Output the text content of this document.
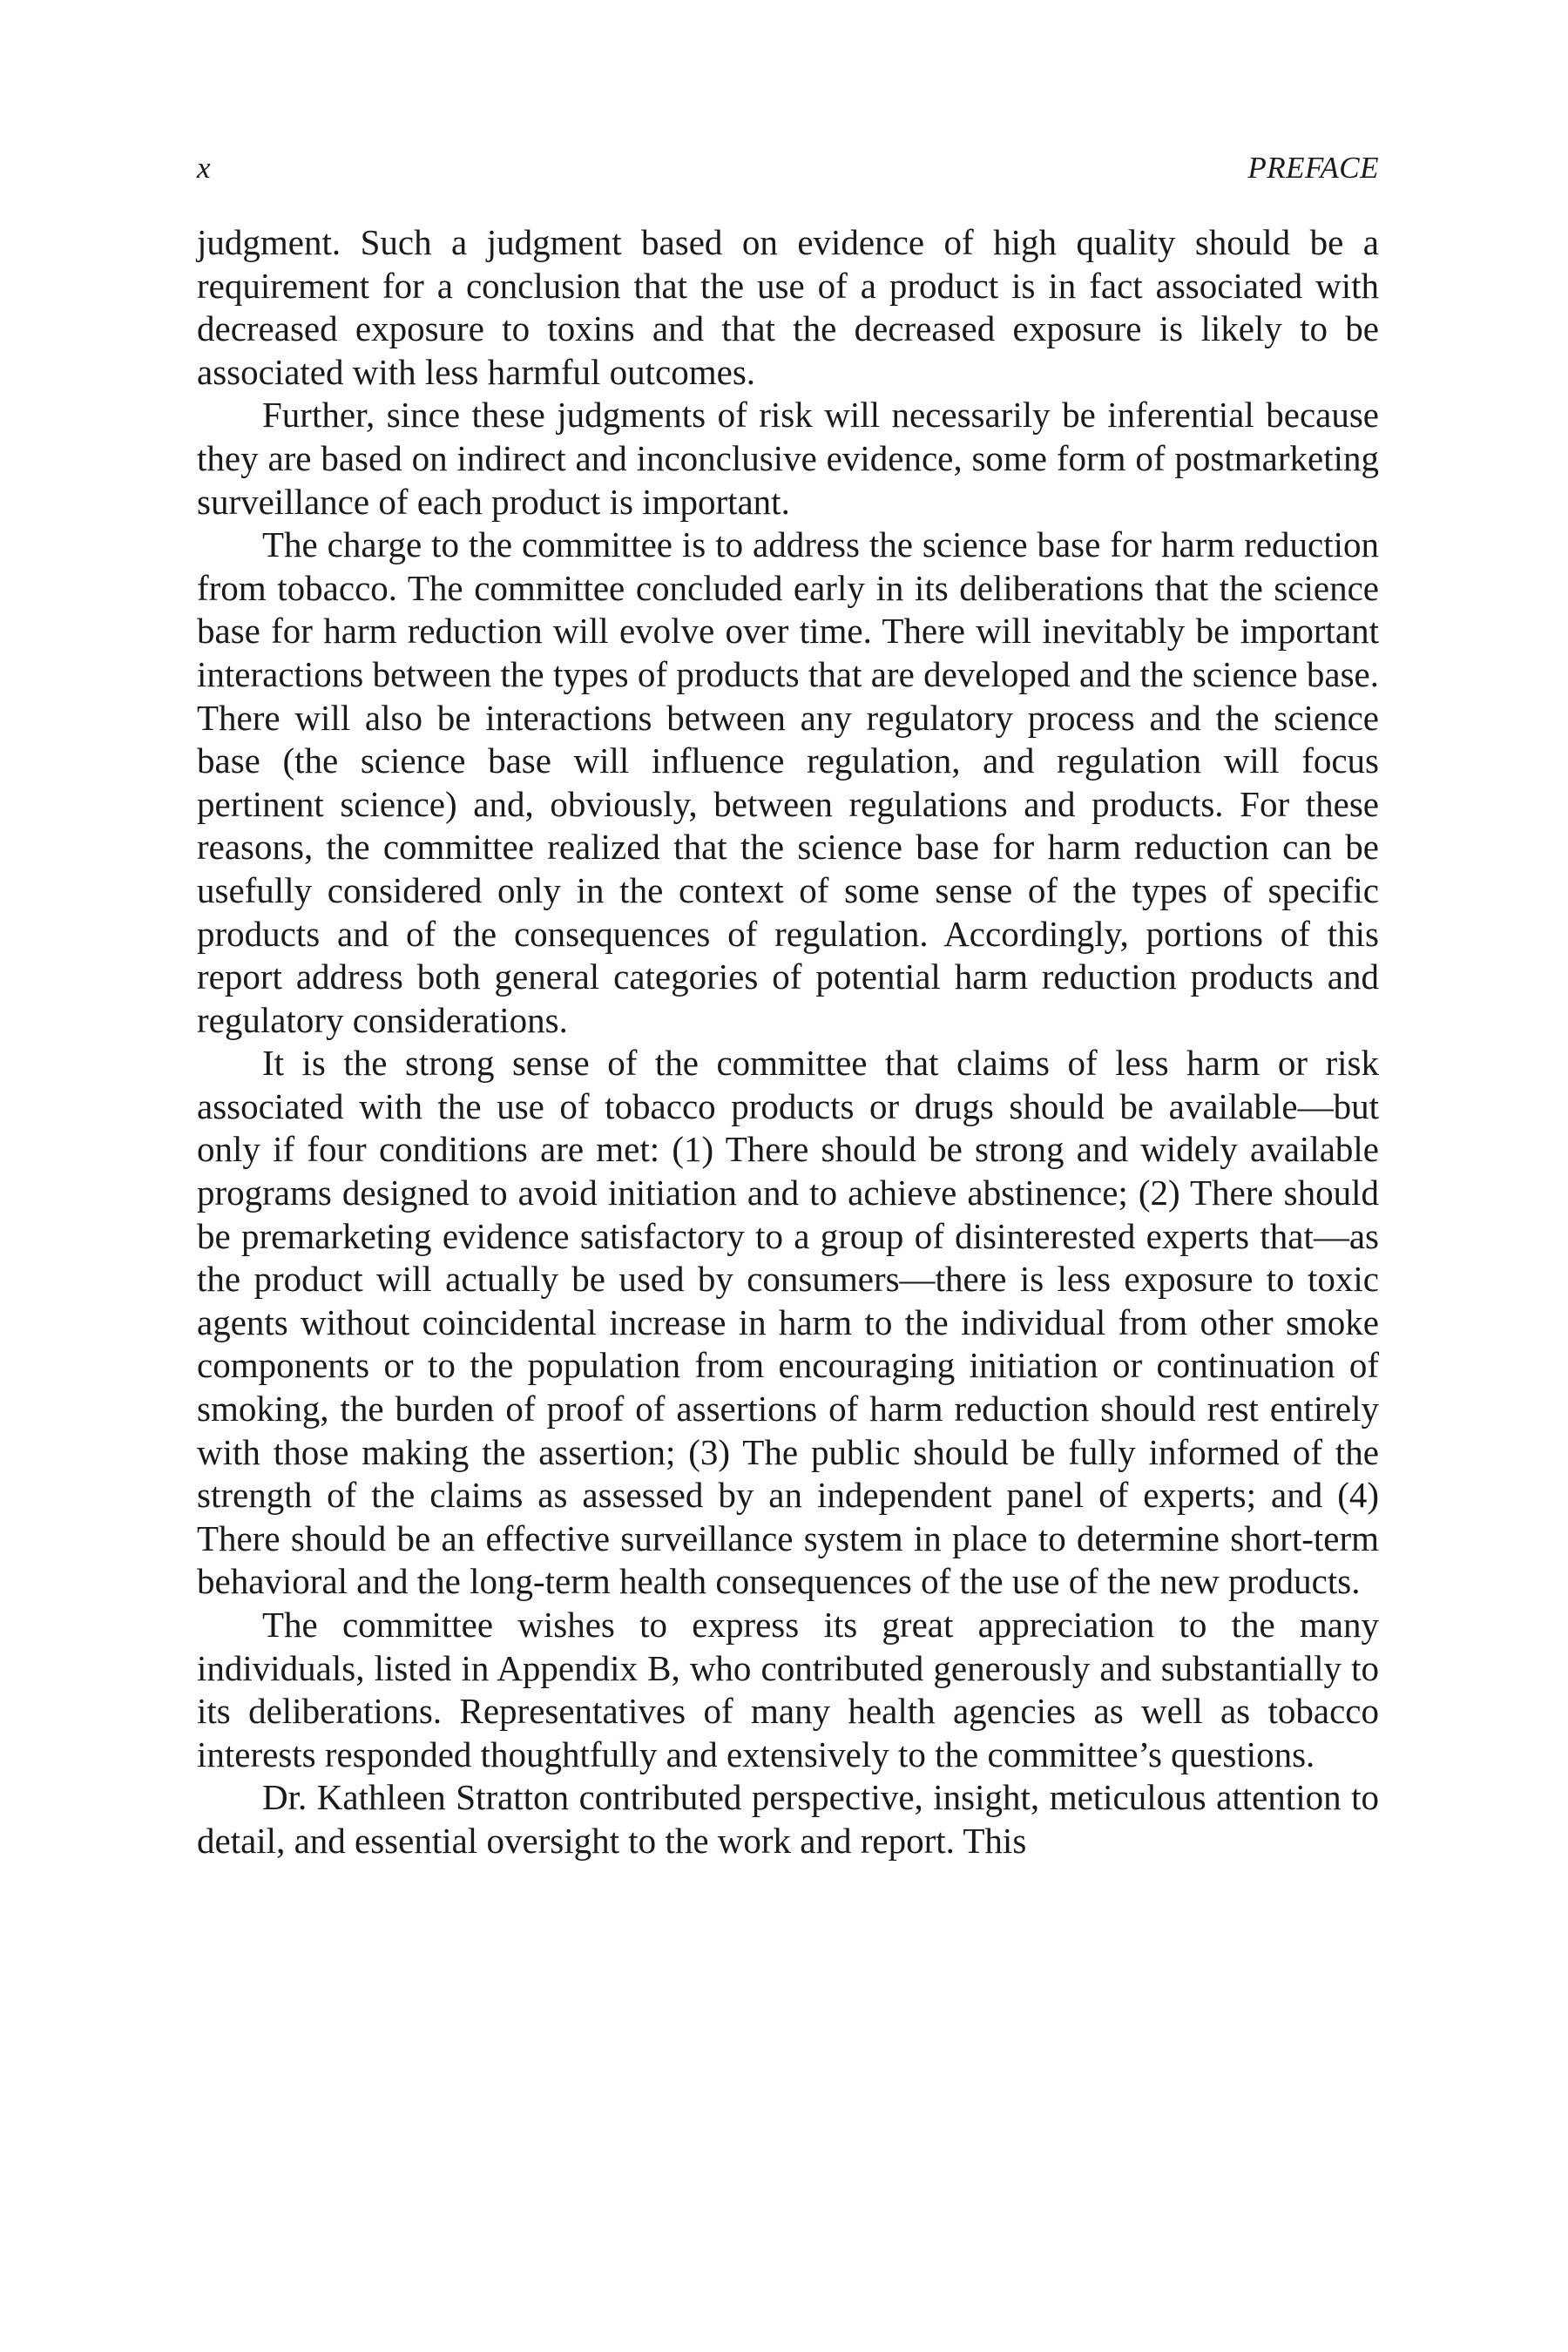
x	PREFACE

judgment. Such a judgment based on evidence of high quality should be a requirement for a conclusion that the use of a product is in fact associated with decreased exposure to toxins and that the decreased exposure is likely to be associated with less harmful outcomes.

Further, since these judgments of risk will necessarily be inferential because they are based on indirect and inconclusive evidence, some form of postmarketing surveillance of each product is important.

The charge to the committee is to address the science base for harm reduction from tobacco. The committee concluded early in its deliberations that the science base for harm reduction will evolve over time. There will inevitably be important interactions between the types of products that are developed and the science base. There will also be interactions between any regulatory process and the science base (the science base will influence regulation, and regulation will focus pertinent science) and, obviously, between regulations and products. For these reasons, the committee realized that the science base for harm reduction can be usefully considered only in the context of some sense of the types of specific products and of the consequences of regulation. Accordingly, portions of this report address both general categories of potential harm reduction products and regulatory considerations.

It is the strong sense of the committee that claims of less harm or risk associated with the use of tobacco products or drugs should be available—but only if four conditions are met: (1) There should be strong and widely available programs designed to avoid initiation and to achieve abstinence; (2) There should be premarketing evidence satisfactory to a group of disinterested experts that—as the product will actually be used by consumers—there is less exposure to toxic agents without coincidental increase in harm to the individual from other smoke components or to the population from encouraging initiation or continuation of smoking, the burden of proof of assertions of harm reduction should rest entirely with those making the assertion; (3) The public should be fully informed of the strength of the claims as assessed by an independent panel of experts; and (4) There should be an effective surveillance system in place to determine short-term behavioral and the long-term health consequences of the use of the new products.

The committee wishes to express its great appreciation to the many individuals, listed in Appendix B, who contributed generously and substantially to its deliberations. Representatives of many health agencies as well as tobacco interests responded thoughtfully and extensively to the committee’s questions.

Dr. Kathleen Stratton contributed perspective, insight, meticulous attention to detail, and essential oversight to the work and report. This
